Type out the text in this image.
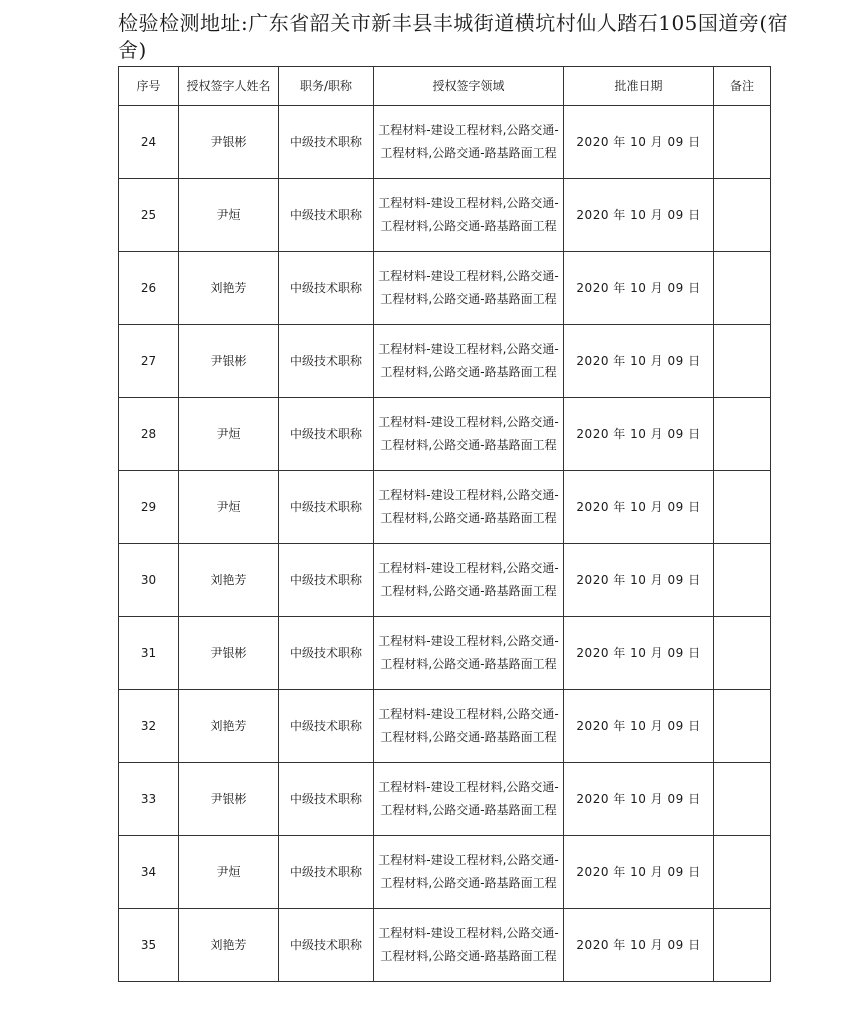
检验检测地址:广东省韶关市新丰县丰城街道横坑村仙人踏石105国道旁(宿舍)
序号	授权签字人姓名	职务/职称	授权签字领域	批准日期	备注
24	尹银彬	中级技术职称	工程材料-建设工程材料,公路交通-工程材料,公路交通-路基路面工程	2020 年 10 月 09 日	
25	尹烜	中级技术职称	工程材料-建设工程材料,公路交通-工程材料,公路交通-路基路面工程	2020 年 10 月 09 日	
26	刘艳芳	中级技术职称	工程材料-建设工程材料,公路交通-工程材料,公路交通-路基路面工程	2020 年 10 月 09 日	
27	尹银彬	中级技术职称	工程材料-建设工程材料,公路交通-工程材料,公路交通-路基路面工程	2020 年 10 月 09 日	
28	尹烜	中级技术职称	工程材料-建设工程材料,公路交通-工程材料,公路交通-路基路面工程	2020 年 10 月 09 日	
29	尹烜	中级技术职称	工程材料-建设工程材料,公路交通-工程材料,公路交通-路基路面工程	2020 年 10 月 09 日	
30	刘艳芳	中级技术职称	工程材料-建设工程材料,公路交通-工程材料,公路交通-路基路面工程	2020 年 10 月 09 日	
31	尹银彬	中级技术职称	工程材料-建设工程材料,公路交通-工程材料,公路交通-路基路面工程	2020 年 10 月 09 日	
32	刘艳芳	中级技术职称	工程材料-建设工程材料,公路交通-工程材料,公路交通-路基路面工程	2020 年 10 月 09 日	
33	尹银彬	中级技术职称	工程材料-建设工程材料,公路交通-工程材料,公路交通-路基路面工程	2020 年 10 月 09 日	
34	尹烜	中级技术职称	工程材料-建设工程材料,公路交通-工程材料,公路交通-路基路面工程	2020 年 10 月 09 日	
35	刘艳芳	中级技术职称	工程材料-建设工程材料,公路交通-工程材料,公路交通-路基路面工程	2020 年 10 月 09 日	
